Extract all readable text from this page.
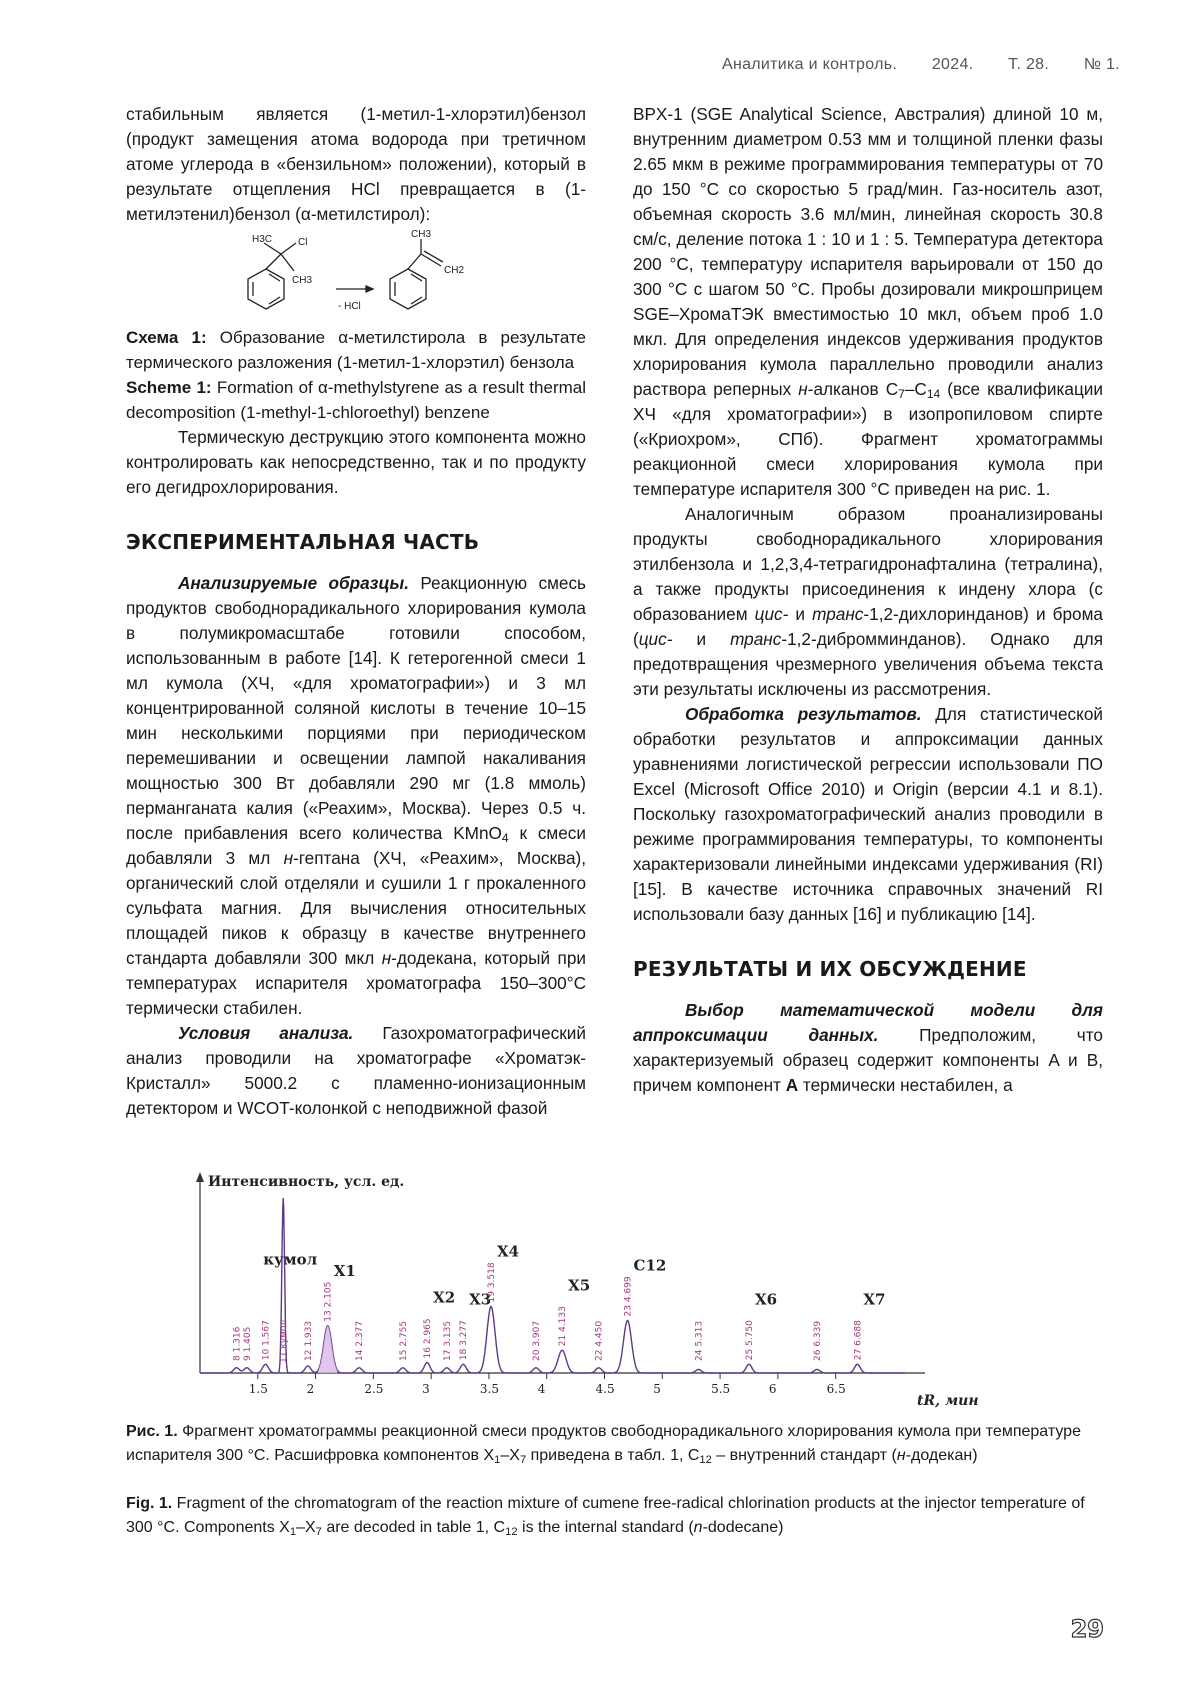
Аналитика и контроль. 2024. Т. 28. № 1.

стабильным является (1-метил-1-хлорэтил)бензол (продукт замещения атома водорода при третичном атоме углерода в «бензильном» положении), который в результате отщепления HCl превращается в (1-метилэтенил)бензол (α-метилстирол):

H3C	Cl
CH3
CH3
CH2
- HCl

Схема 1: Образование α-метилстирола в результате термического разложения (1-метил-1-хлорэтил) бензола

Scheme 1: Formation of α-methylstyrene as a result thermal decomposition (1-methyl-1-chloroethyl) benzene

Термическую деструкцию этого компонента можно контролировать как непосредственно, так и по продукту его дегидрохлорирования.

ЭКСПЕРИМЕНТАЛЬНАЯ ЧАСТЬ

Анализируемые образцы. Реакционную смесь продуктов свободнорадикального хлорирования кумола в полумикромасштабе готовили способом, использованным в работе [14]. К гетерогенной смеси 1 мл кумола (ХЧ, «для хроматографии») и 3 мл концентрированной соляной кислоты в течение 10–15 мин несколькими порциями при периодическом перемешивании и освещении лампой накаливания мощностью 300 Вт добавляли 290 мг (1.8 ммоль) перманганата калия («Реахим», Москва). Через 0.5 ч. после прибавления всего количества KMnO$_4$ к смеси добавляли 3 мл н-гептана (ХЧ, «Реахим», Москва), органический слой отделяли и сушили 1 г прокаленного сульфата магния. Для вычисления относительных площадей пиков к образцу в качестве внутреннего стандарта добавляли 300 мкл н-додекана, который при температурах испарителя хроматографа 150–300°С термически стабилен.

Условия анализа. Газохроматографический анализ проводили на хроматографе «Хроматэк-Кристалл» 5000.2 с пламенно-ионизационным детектором и WCOT-колонкой с неподвижной фазой

BPX-1 (SGE Analytical Science, Австралия) длиной 10 м, внутренним диаметром 0.53 мм и толщиной пленки фазы 2.65 мкм в режиме программирования температуры от 70 до 150 °С со скоростью 5 град/мин. Газ-носитель азот, объемная скорость 3.6 мл/мин, линейная скорость 30.8 см/с, деление потока 1 : 10 и 1 : 5. Температура детектора 200 °С, температуру испарителя варьировали от 150 до 300 °С с шагом 50 °С. Пробы дозировали микрошприцем SGE–ХромаТЭК вместимостью 10 мкл, объем проб 1.0 мкл. Для определения индексов удерживания продуктов хлорирования кумола параллельно проводили анализ раствора реперных н-алканов $C_7-C_{14}$ (все квалификации ХЧ «для хроматографии») в изопропиловом спирте («Криохром», СПб). Фрагмент хроматограммы реакционной смеси хлорирования кумола при температуре испарителя 300 °С приведен на рис. 1.

Аналогичным образом проанализированы продукты свободнорадикального хлорирования этилбензола и 1,2,3,4-тетрагидронафталина (тетралина), а также продукты присоединения к индену хлора (с образованием цис- и транс-1,2-дихлоринданов) и брома (цис- и транс-1,2-дибромминданов). Однако для предотвращения чрезмерного увеличения объема текста эти результаты исключены из рассмотрения.

Обработка результатов. Для статистической обработки результатов и аппроксимации данных уравнениями логистической регрессии использовали ПО Excel (Microsoft Office 2010) и Origin (версии 4.1 и 8.1). Поскольку газохроматографический анализ проводили в режиме программирования температуры, то компоненты характеризовали линейными индексами удерживания (RI) [15]. В качестве источника справочных значений RI использовали базу данных [16] и публикацию [14].

РЕЗУЛЬТАТЫ И ИХ ОБСУЖДЕНИЕ

Выбор математической модели для аппроксимации данных. Предположим, что характеризуемый образец содержит компоненты A и B, причем компонент A термически нестабилен, а

Интенсивность, усл. ед.
tR, мин
1.5	2	2.5	3	3.5	4	4.5	5	5.5	6	6.5
8 1.316 9 1.405 10 1.567 11 кумол
кумол
12 1.933
13 2.105
X1
14 2.377	15 2.755 16 2.965
X2
17 3.135 18 3.277
X3
19 3.518
X4
20 3.907 21 4.133
X5
22 4.450
23 4.699
C12
24 5.313	25 5.750
X6
26 6.339	27 6.688
X7
Рис. 1. Фрагмент хроматограммы реакционной смеси продуктов свободнорадикального хлорирования кумола при температуре испарителя 300 °С. Расшифровка компонентов $X_1-X_7$ приведена в табл. 1, $C_{12}$ – внутренний стандарт (н-додекан)
Fig. 1. Fragment of the chromatogram of the reaction mixture of cumene free-radical chlorination products at the injector temperature of 300 °C. Components $X_1-X_7$ are decoded in table 1, $C_{12}$ is the internal standard (n-dodecane)
29
